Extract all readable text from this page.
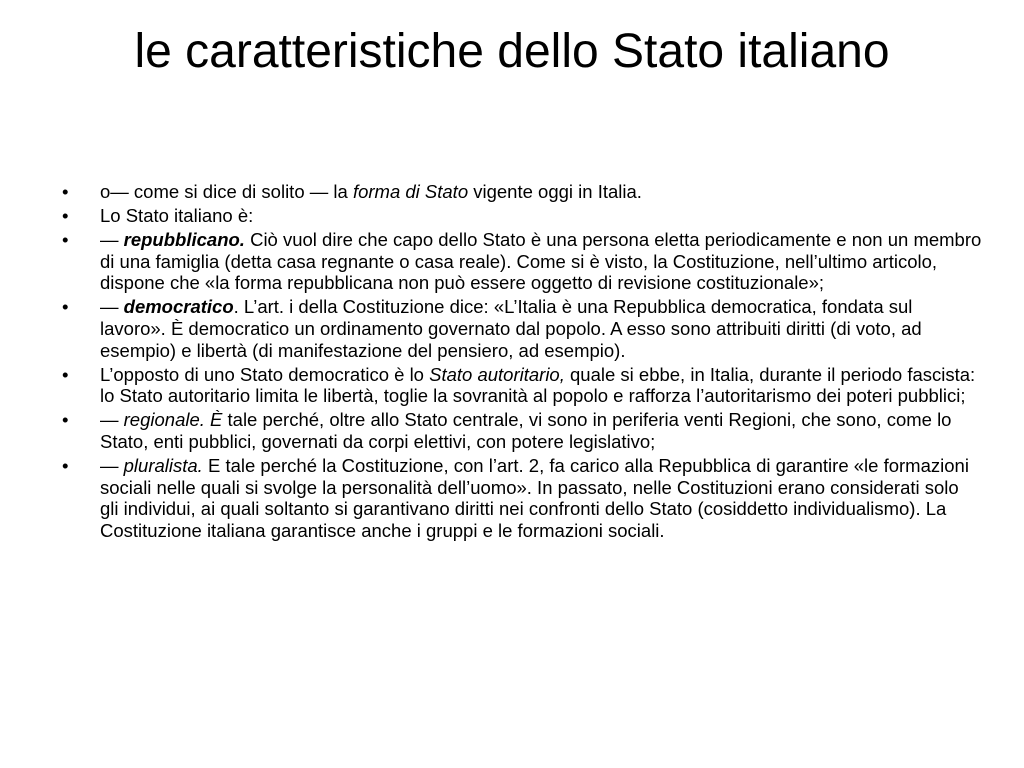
le caratteristiche dello Stato italiano
•	o— come si dice di solito — la forma di Stato vigente oggi in Italia.
•	Lo Stato italiano è:
•	— repubblicano. Ciò vuol dire che capo dello Stato è una persona eletta periodicamente e non un membro di una famiglia (detta casa regnante o casa reale). Come si è visto, la Costituzione, nell’ultimo articolo, dispone che «la forma repubblicana non può essere oggetto di revisione costituzionale»;
•	— democratico. L’art. i della Costituzione dice: «L’Italia è una Repubblica democratica, fondata sul lavoro». È democratico un ordinamento governato dal popolo. A esso sono attribuiti diritti (di voto, ad esempio) e libertà (di manifestazione del pensiero, ad esempio).
•	L’opposto di uno Stato democratico è lo Stato autoritario, quale si ebbe, in Italia, durante il periodo fascista: lo Stato autoritario limita le libertà, toglie la sovranità al popolo e rafforza l’autoritarismo dei poteri pubblici;
•	— regionale. È tale perché, oltre allo Stato centrale, vi sono in periferia venti Regioni, che sono, come lo Stato, enti pubblici, governati da corpi elettivi, con potere legislativo;
•	— pluralista. E tale perché la Costituzione, con l’art. 2, fa carico alla Repubblica di garantire «le formazioni sociali nelle quali si svolge la personalità dell’uomo». In passato, nelle Costituzioni erano considerati solo gli individui, ai quali soltanto si garantivano diritti nei confronti dello Stato (cosiddetto individualismo). La Costituzione italiana garantisce anche i gruppi e le formazioni sociali.
